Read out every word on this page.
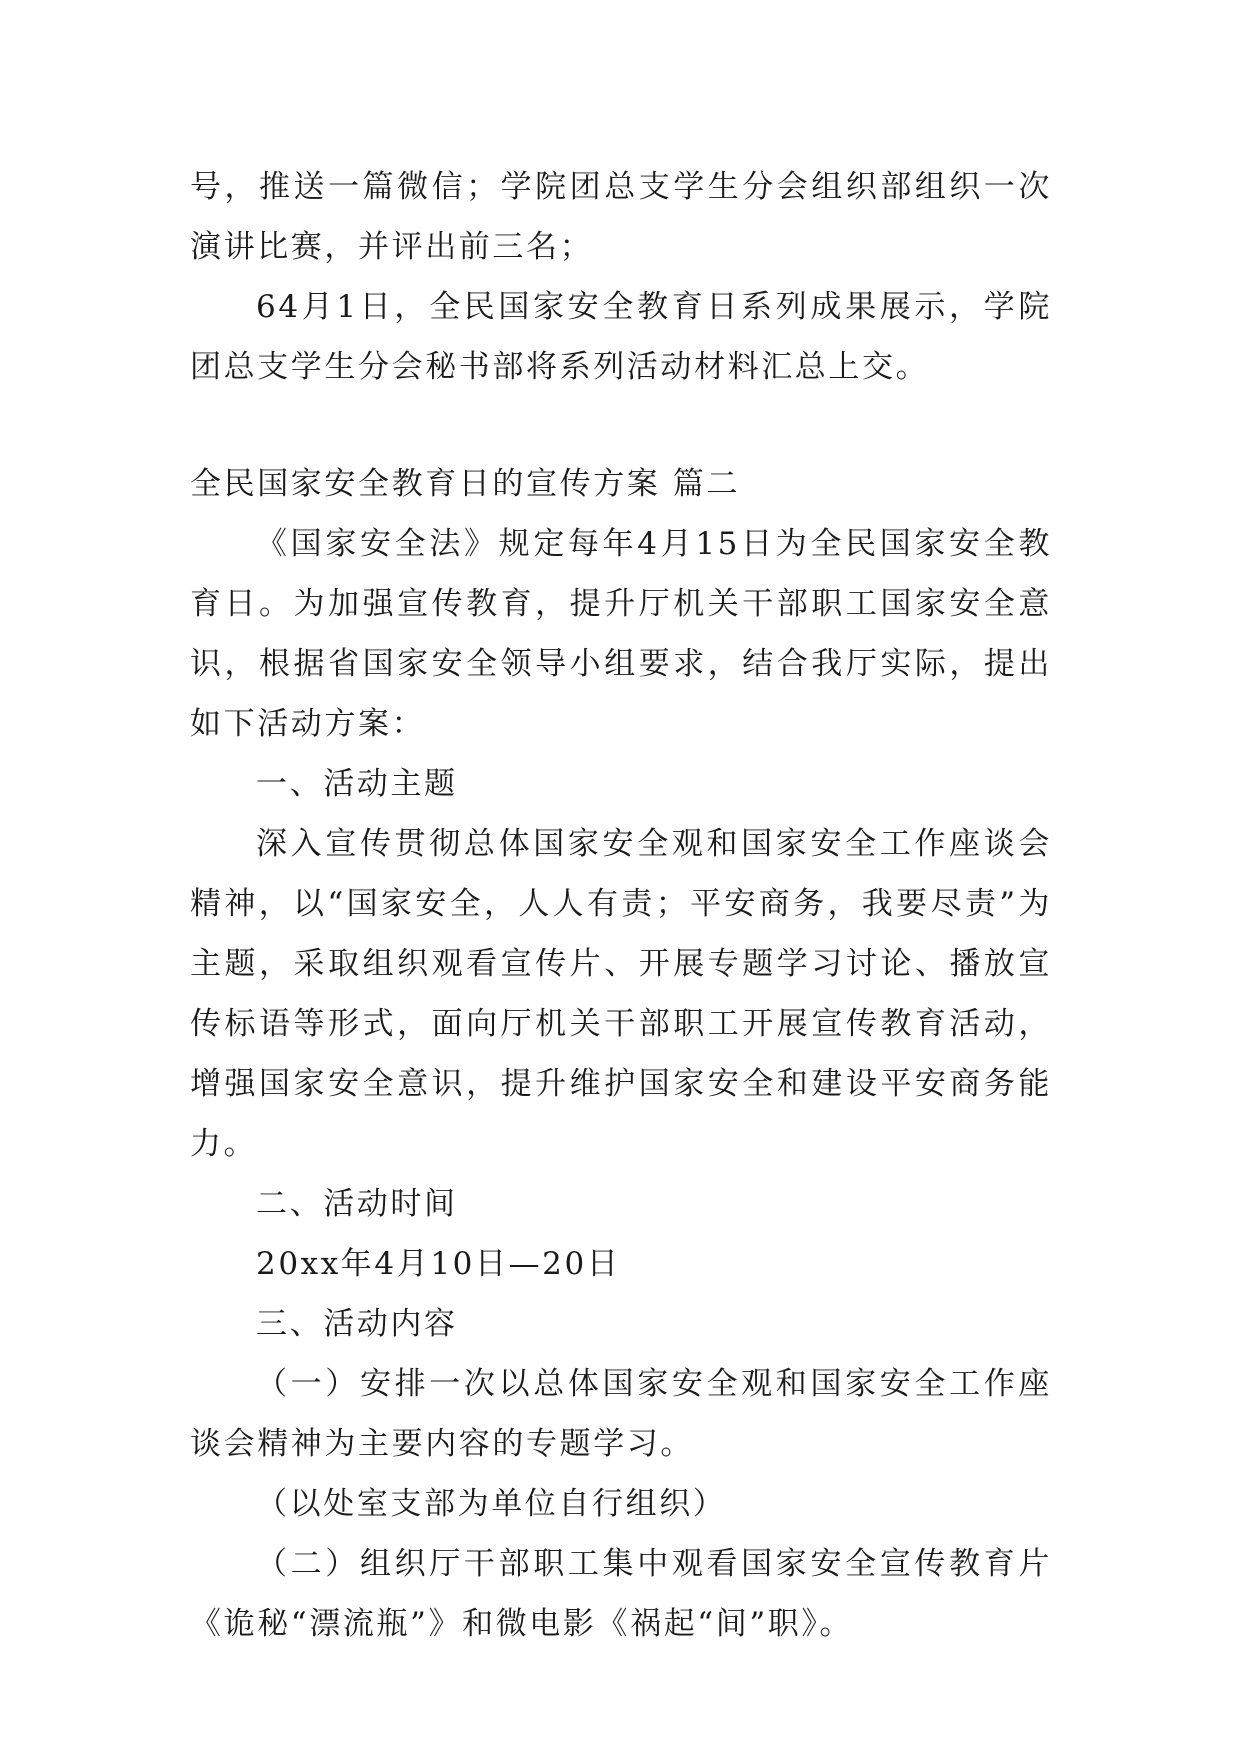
号，推送一篇微信；学院团总支学生分会组织部组织一次演讲比赛，并评出前三名；

64月1日，全民国家安全教育日系列成果展示，学院团总支学生分会秘书部将系列活动材料汇总上交。

全民国家安全教育日的宣传方案 篇二

《国家安全法》规定每年4月15日为全民国家安全教育日。为加强宣传教育，提升厅机关干部职工国家安全意识，根据省国家安全领导小组要求，结合我厅实际，提出如下活动方案：

一、活动主题

深入宣传贯彻总体国家安全观和国家安全工作座谈会精神，以“国家安全，人人有责；平安商务，我要尽责”为主题，采取组织观看宣传片、开展专题学习讨论、播放宣传标语等形式，面向厅机关干部职工开展宣传教育活动，增强国家安全意识，提升维护国家安全和建设平安商务能力。

二、活动时间

20xx年4月10日—20日

三、活动内容

（一）安排一次以总体国家安全观和国家安全工作座谈会精神为主要内容的专题学习。

（以处室支部为单位自行组织）

（二）组织厅干部职工集中观看国家安全宣传教育片《诡秘“漂流瓶”》和微电影《祸起“间”职》。
